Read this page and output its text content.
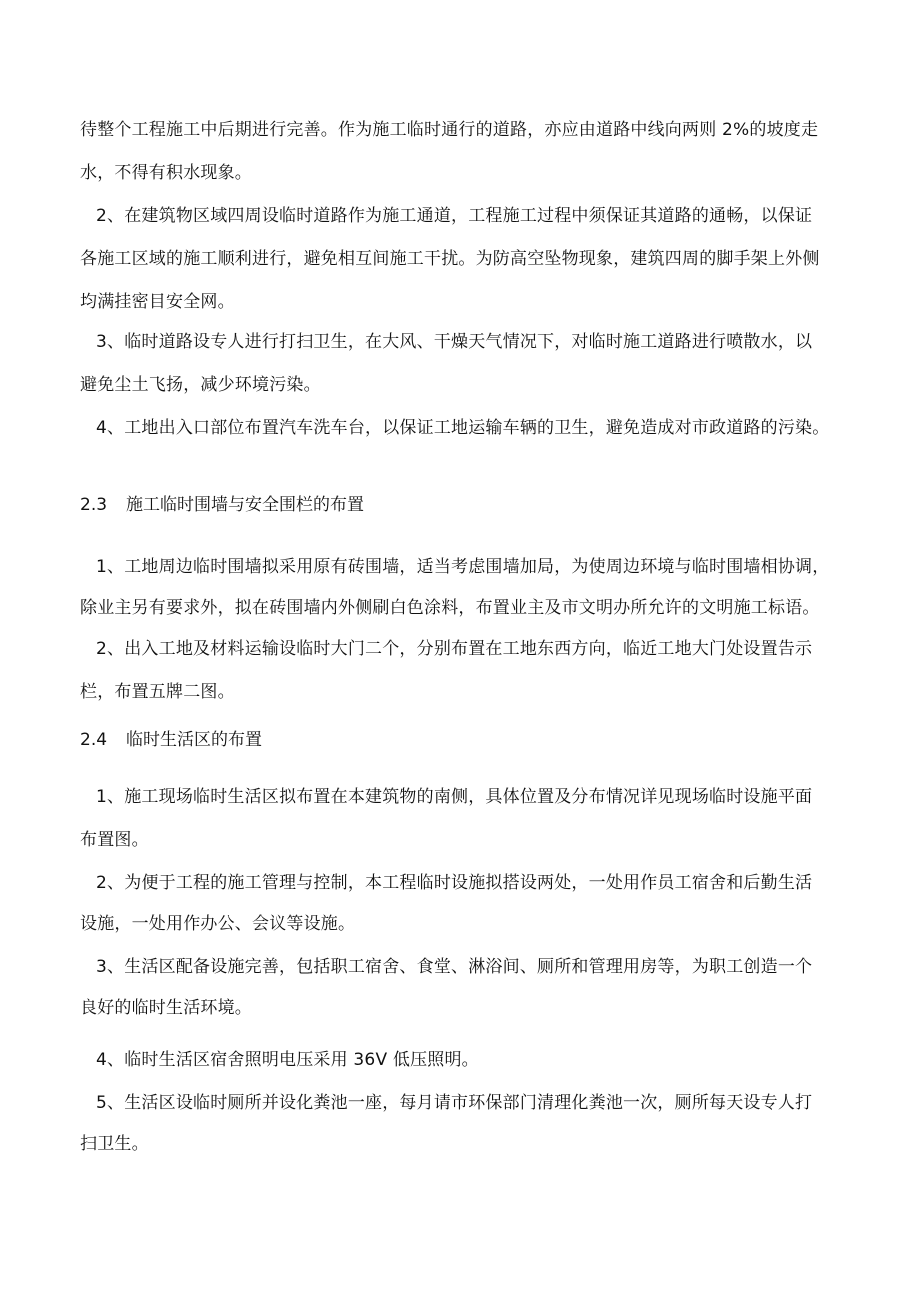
待整个工程施工中后期进行完善。作为施工临时通行的道路，亦应由道路中线向两则 2%的坡度走
水，不得有积水现象。
2、在建筑物区域四周设临时道路作为施工通道，工程施工过程中须保证其道路的通畅，以保证
各施工区域的施工顺利进行，避免相互间施工干扰。为防高空坠物现象，建筑四周的脚手架上外侧
均满挂密目安全网。
3、临时道路设专人进行打扫卫生，在大风、干燥天气情况下，对临时施工道路进行喷散水，以
避免尘土飞扬，减少环境污染。
4、工地出入口部位布置汽车洗车台，以保证工地运输车辆的卫生，避免造成对市政道路的污染。
2.3 施工临时围墙与安全围栏的布置
1、工地周边临时围墙拟采用原有砖围墙，适当考虑围墙加局，为使周边环境与临时围墙相协调，
除业主另有要求外，拟在砖围墙内外侧刷白色涂料，布置业主及市文明办所允许的文明施工标语。
2、出入工地及材料运输设临时大门二个，分别布置在工地东西方向，临近工地大门处设置告示
栏，布置五牌二图。
2.4 临时生活区的布置
1、施工现场临时生活区拟布置在本建筑物的南侧，具体位置及分布情况详见现场临时设施平面
布置图。
2、为便于工程的施工管理与控制，本工程临时设施拟搭设两处，一处用作员工宿舍和后勤生活
设施，一处用作办公、会议等设施。
3、生活区配备设施完善，包括职工宿舍、食堂、淋浴间、厕所和管理用房等，为职工创造一个
良好的临时生活环境。
4、临时生活区宿舍照明电压采用 36V 低压照明。
5、生活区设临时厕所并设化粪池一座，每月请市环保部门清理化粪池一次，厕所每天设专人打
扫卫生。
